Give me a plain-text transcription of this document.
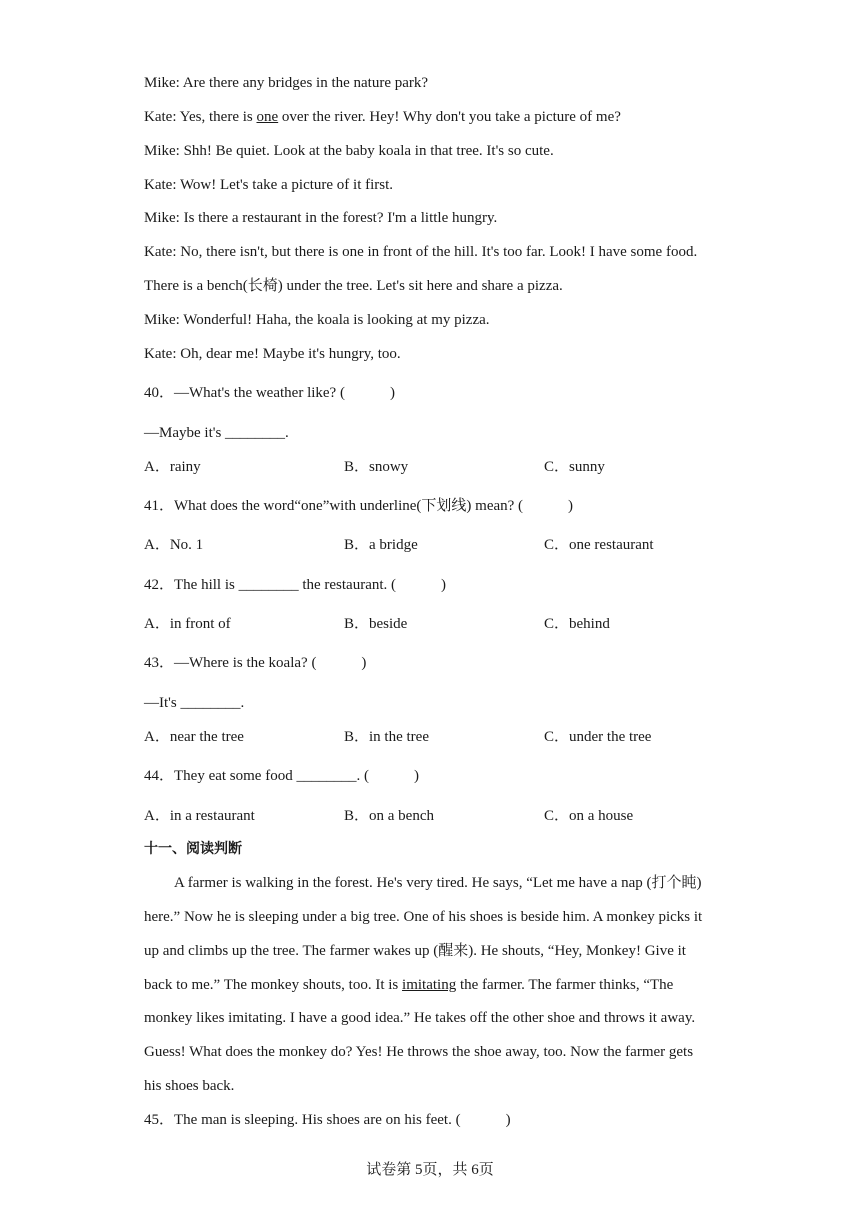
Mike: Are there any bridges in the nature park?
Kate: Yes, there is one over the river. Hey! Why don't you take a picture of me?
Mike: Shh! Be quiet. Look at the baby koala in that tree. It's so cute.
Kate: Wow! Let's take a picture of it first.
Mike: Is there a restaurant in the forest? I'm a little hungry.
Kate: No, there isn't, but there is one in front of the hill. It's too far. Look! I have some food.
There is a bench(长椅) under the tree. Let's sit here and share a pizza.
Mike: Wonderful! Haha, the koala is looking at my pizza.
Kate: Oh, dear me! Maybe it's hungry, too.
40．—What's the weather like? (　　　)
—Maybe it's ________.
A．rainy	B．snowy	C．sunny
41．What does the word“one”with underline(下划线) mean? (　　　)
A．No. 1	B．a bridge	C．one restaurant
42．The hill is ________ the restaurant. (　　　)
A．in front of	B．beside	C．behind
43．—Where is the koala? (　　　)
—It's ________.
A．near the tree	B．in the tree	C．under the tree
44．They eat some food ________. (　　　)
A．in a restaurant	B．on a bench	C．on a house
十一、阅读判断
A farmer is walking in the forest. He's very tired. He says, “Let me have a nap (打个盹)
here.” Now he is sleeping under a big tree. One of his shoes is beside him. A monkey picks it
up and climbs up the tree. The farmer wakes up (醒来). He shouts, “Hey, Monkey! Give it
back to me.” The monkey shouts, too. It is imitating the farmer. The farmer thinks, “The
monkey likes imitating. I have a good idea.” He takes off the other shoe and throws it away.
Guess! What does the monkey do? Yes! He throws the shoe away, too. Now the farmer gets
his shoes back.
45．The man is sleeping. His shoes are on his feet. (　　　)
试卷第 5页，共 6页
